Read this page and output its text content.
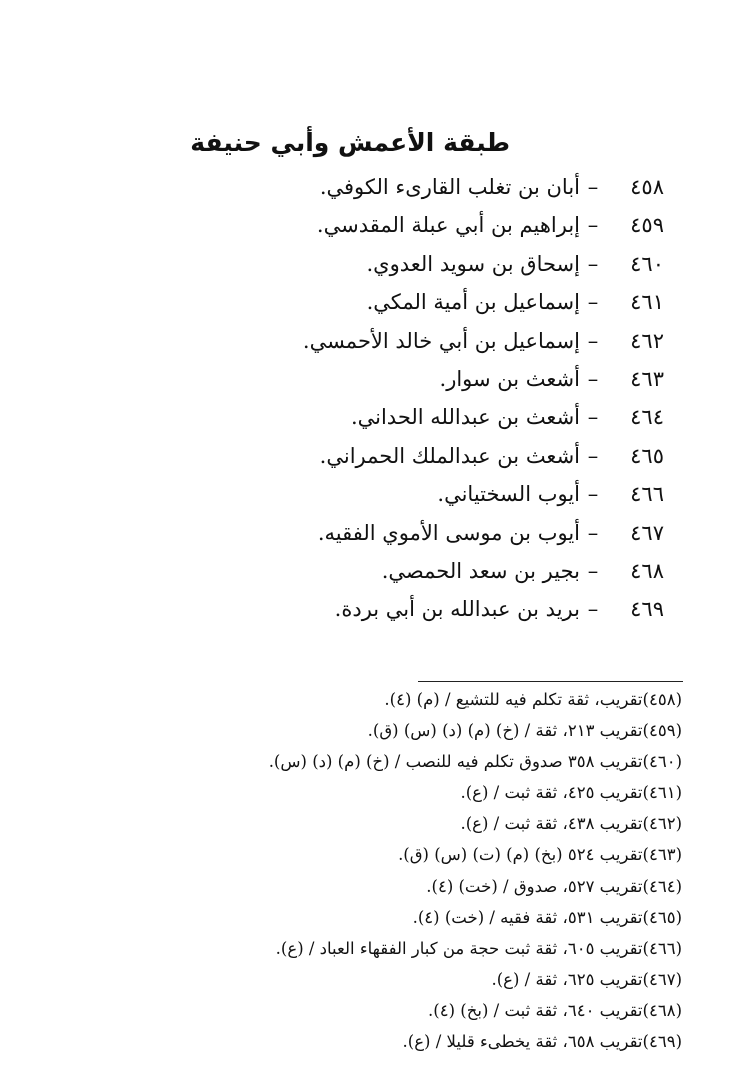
طبقة الأعمش وأبي حنيفة
٤٥٨
–
أبان بن تغلب القارىء الكوفي.
٤٥٩
–
إبراهيم بن أبي عبلة المقدسي.
٤٦٠
–
إسحاق بن سويد العدوي.
٤٦١
–
إسماعيل بن أمية المكي.
٤٦٢
–
إسماعيل بن أبي خالد الأحمسي.
٤٦٣
–
أشعث بن سوار.
٤٦٤
–
أشعث بن عبدالله الحداني.
٤٦٥
–
أشعث بن عبدالملك الحمراني.
٤٦٦
–
أيوب السختياني.
٤٦٧
–
أيوب بن موسى الأموي الفقيه.
٤٦٨
–
بجير بن سعد الحمصي.
٤٦٩
–
بريد بن عبدالله بن أبي بردة.
(٤٥٨)تقريب، ثقة تكلم فيه للتشيع / (م) (٤).
(٤٥٩)تقريب ٢١٣، ثقة / (خ) (م) (د) (س) (ق).
(٤٦٠)تقريب ٣٥٨ صدوق تكلم فيه للنصب / (خ) (م) (د) (س).
(٤٦١)تقريب ٤٢٥، ثقة ثبت / (ع).
(٤٦٢)تقريب ٤٣٨، ثقة ثبت / (ع).
(٤٦٣)تقريب ٥٢٤ (بخ) (م) (ت) (س) (ق).
(٤٦٤)تقريب ٥٢٧، صدوق / (خت) (٤).
(٤٦٥)تقريب ٥٣١، ثقة فقيه / (خت) (٤).
(٤٦٦)تقريب ٦٠٥، ثقة ثبت حجة من كبار الفقهاء العباد / (ع).
(٤٦٧)تقريب ٦٢٥، ثقة / (ع).
(٤٦٨)تقريب ٦٤٠، ثقة ثبت / (بخ) (٤).
(٤٦٩)تقريب ٦٥٨، ثقة يخطىء قليلا / (ع).
